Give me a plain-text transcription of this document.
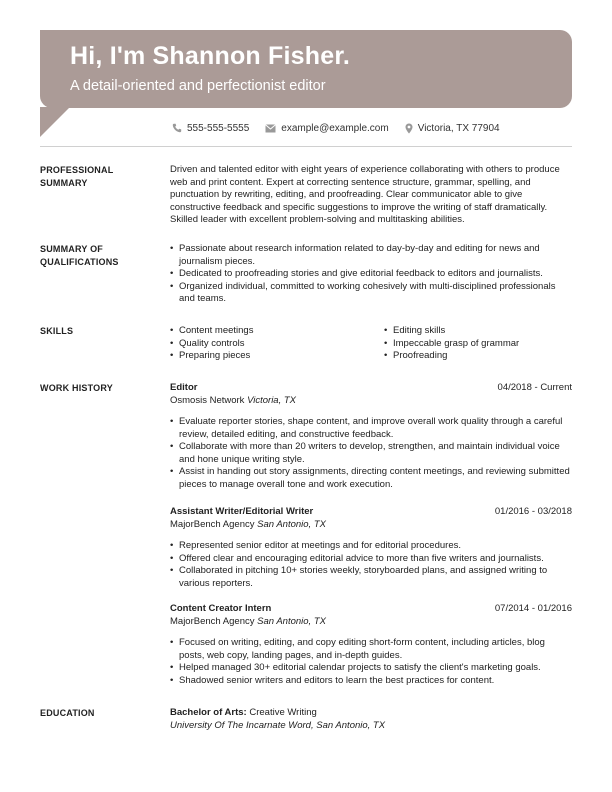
Hi, I'm Shannon Fisher.
A detail-oriented and perfectionist editor
555-555-5555	example@example.com	Victoria, TX 77904
PROFESSIONAL
SUMMARY
Driven and talented editor with eight years of experience collaborating with others to produce web and print content. Expert at correcting sentence structure, grammar, spelling, and punctuation by rewriting, editing, and proofreading. Clear communicator able to give constructive feedback and specific suggestions to improve the writing of staff dramatically. Skilled leader with excellent problem-solving and multitasking abilities.
SUMMARY OF
QUALIFICATIONS
• Passionate about research information related to day-by-day and editing for news and journalism pieces.
• Dedicated to proofreading stories and give editorial feedback to editors and journalists.
• Organized individual, committed to working cohesively with multi-disciplined professionals and teams.
SKILLS
•	Content meetings
• Quality controls
• Preparing pieces
• Editing skills
• Impeccable grasp of grammar
• Proofreading
WORK HISTORY	Editor	04/2018 - Current
Osmosis Network Victoria, TX
• Evaluate reporter stories, shape content, and improve overall work quality through a careful review, detailed editing, and constructive feedback.
• Collaborate with more than 20 writers to develop, strengthen, and maintain individual voice and hone unique writing style.
• Assist in handing out story assignments, directing content meetings, and reviewing submitted pieces to manage overall tone and work execution.
Assistant Writer/Editorial Writer	01/2016 - 03/2018
MajorBench Agency San Antonio, TX
• Represented senior editor at meetings and for editorial procedures.
• Offered clear and encouraging editorial advice to more than five writers and journalists.
• Collaborated in pitching 10+ stories weekly, storyboarded plans, and assigned writing to various reporters.
Content Creator Intern	07/2014 - 01/2016
MajorBench Agency San Antonio, TX
• Focused on writing, editing, and copy editing short-form content, including articles, blog posts, web copy, landing pages, and in-depth guides.
• Helped managed 30+ editorial calendar projects to satisfy the client's marketing goals.
• Shadowed senior writers and editors to learn the best practices for content.
EDUCATION	Bachelor of Arts: Creative Writing
University Of The Incarnate Word, San Antonio, TX
